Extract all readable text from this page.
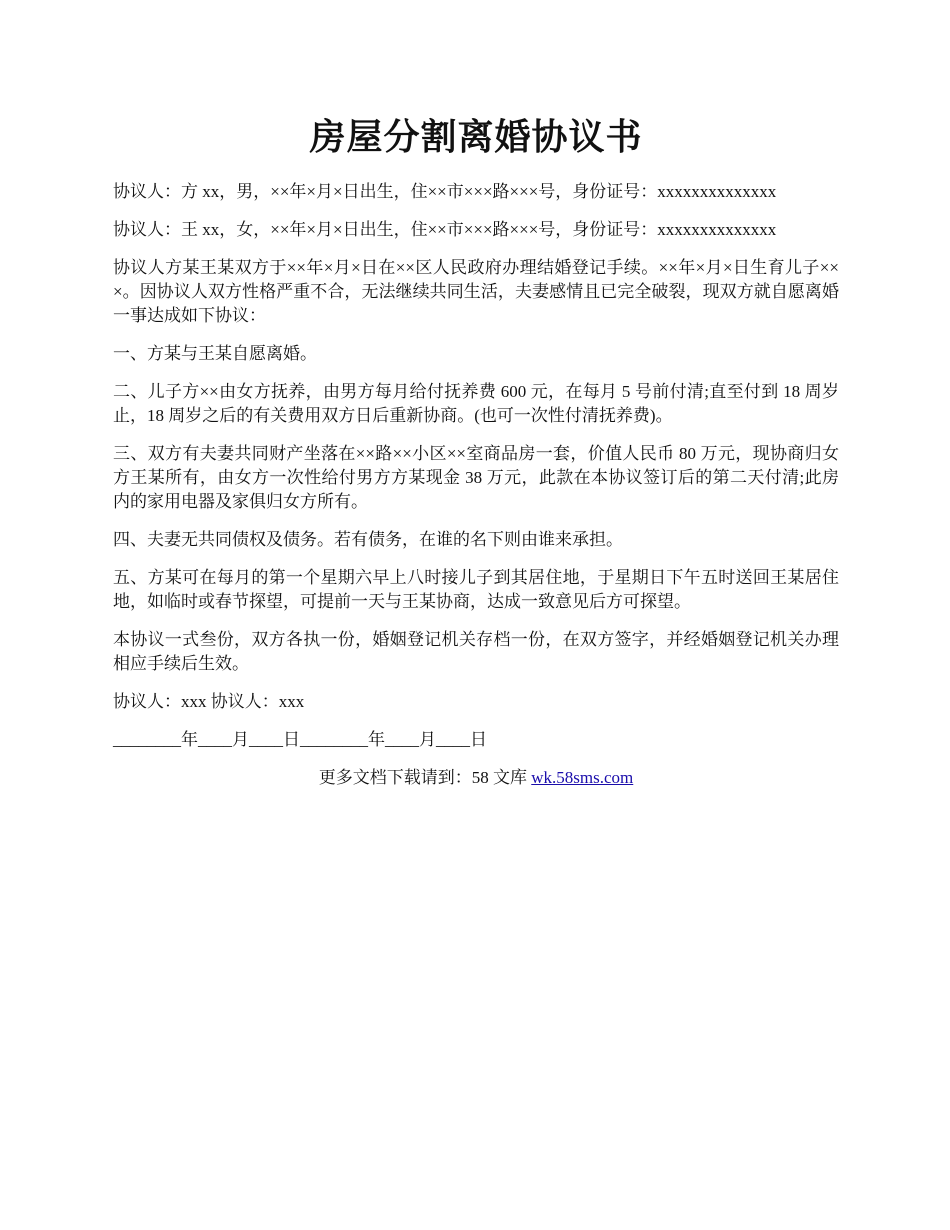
房屋分割离婚协议书

协议人：方 xx，男，××年×月×日出生，住××市×××路×××号，身份证号：xxxxxxxxxxxxxx

协议人：王 xx，女，××年×月×日出生，住××市×××路×××号，身份证号：xxxxxxxxxxxxxx

协议人方某王某双方于××年×月×日在××区人民政府办理结婚登记手续。××年×月×日生育儿子×××。因协议人双方性格严重不合，无法继续共同生活，夫妻感情且已完全破裂，现双方就自愿离婚一事达成如下协议：

一、方某与王某自愿离婚。

二、儿子方××由女方抚养，由男方每月给付抚养费 600 元，在每月 5 号前付清;直至付到 18 周岁止，18 周岁之后的有关费用双方日后重新协商。(也可一次性付清抚养费)。

三、双方有夫妻共同财产坐落在××路××小区××室商品房一套，价值人民币 80 万元，现协商归女方王某所有，由女方一次性给付男方方某现金 38 万元，此款在本协议签订后的第二天付清;此房内的家用电器及家俱归女方所有。

四、夫妻无共同债权及债务。若有债务，在谁的名下则由谁来承担。

五、方某可在每月的第一个星期六早上八时接儿子到其居住地，于星期日下午五时送回王某居住地，如临时或春节探望，可提前一天与王某协商，达成一致意见后方可探望。

本协议一式叁份，双方各执一份，婚姻登记机关存档一份，在双方签字，并经婚姻登记机关办理相应手续后生效。

协议人：xxx 协议人：xxx

________年____月____日________年____月____日

更多文档下载请到：58 文库 wk.58sms.com
